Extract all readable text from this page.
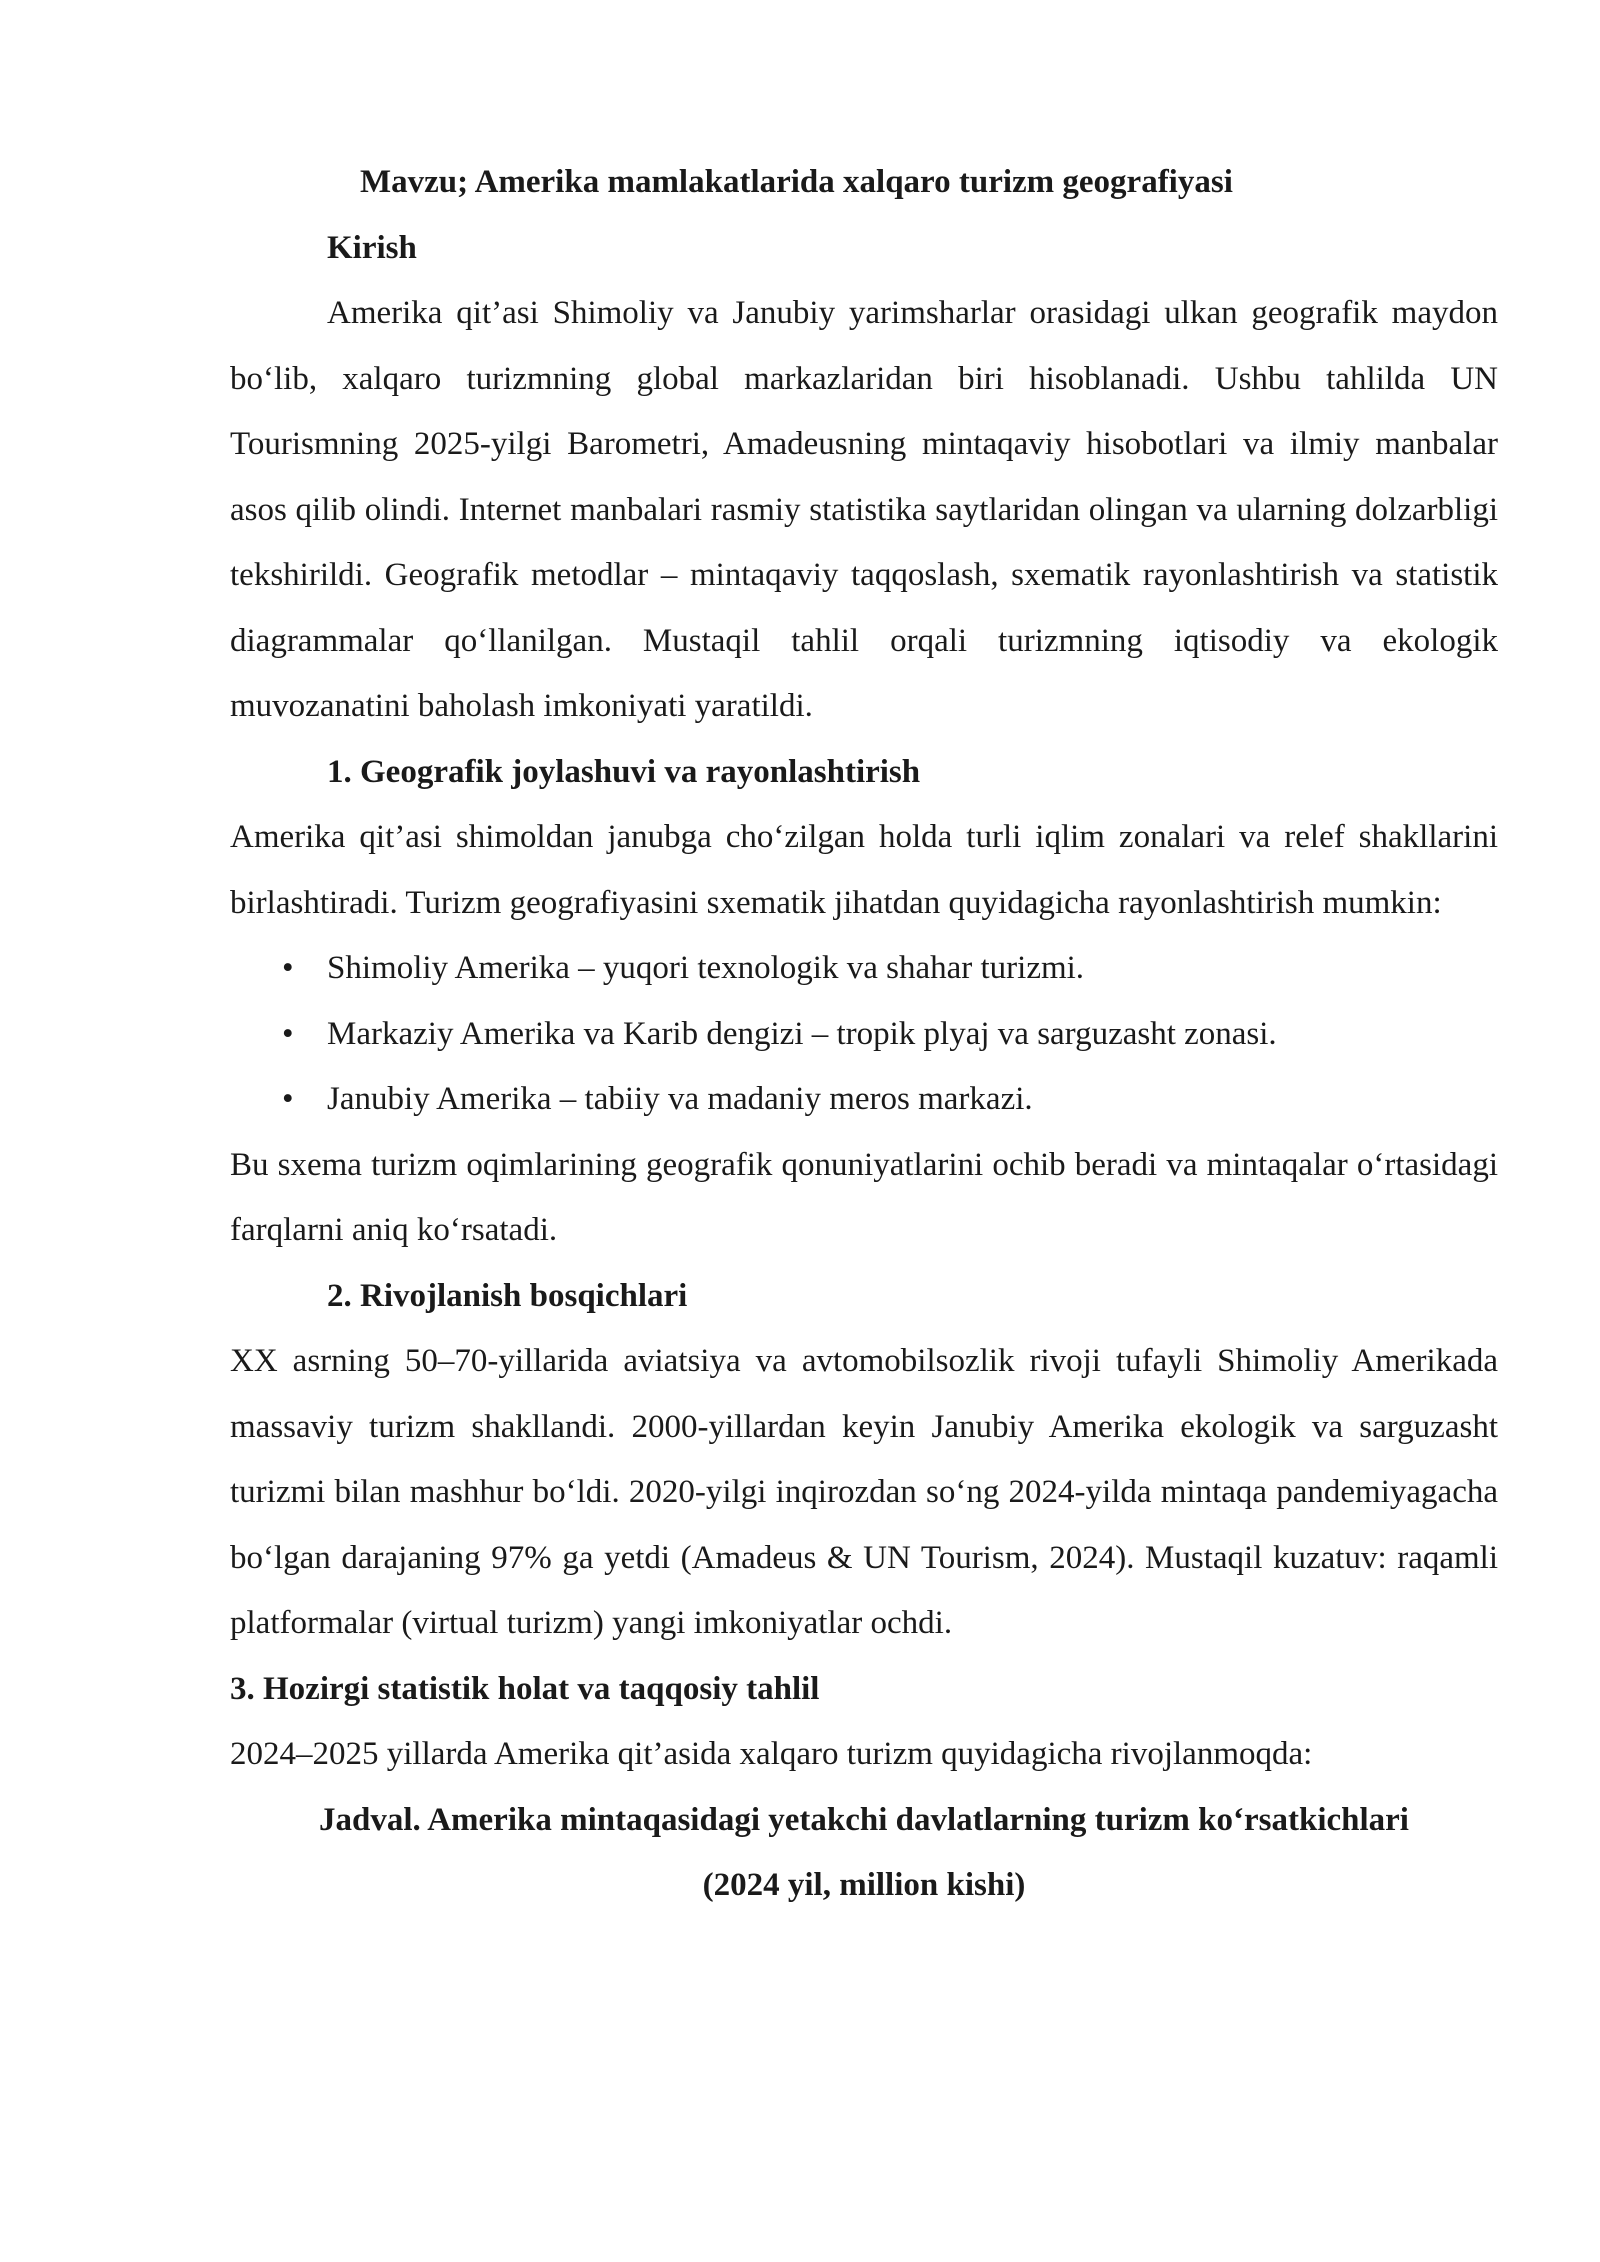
Mavzu; Amerika mamlakatlarida xalqaro turizm geografiyasi

Kirish

Amerika qit’asi Shimoliy va Janubiy yarimsharlar orasidagi ulkan geografik maydon bo‘lib, xalqaro turizmning global markazlaridan biri hisoblanadi. Ushbu tahlilda UN Tourismning 2025-yilgi Barometri, Amadeusning mintaqaviy hisobotlari va ilmiy manbalar asos qilib olindi. Internet manbalari rasmiy statistika saytlaridan olingan va ularning dolzarbligi tekshirildi. Geografik metodlar – mintaqaviy taqqoslash, sxematik rayonlashtirish va statistik diagrammalar qo‘llanilgan. Mustaqil tahlil orqali turizmning iqtisodiy va ekologik muvozanatini baholash imkoniyati yaratildi.

1. Geografik joylashuvi va rayonlashtirish

Amerika qit’asi shimoldan janubga cho‘zilgan holda turli iqlim zonalari va relef shakllarini birlashtiradi. Turizm geografiyasini sxematik jihatdan quyidagicha rayonlashtirish mumkin:

• Shimoliy Amerika – yuqori texnologik va shahar turizmi.
• Markaziy Amerika va Karib dengizi – tropik plyaj va sarguzasht zonasi.
• Janubiy Amerika – tabiiy va madaniy meros markazi.

Bu sxema turizm oqimlarining geografik qonuniyatlarini ochib beradi va mintaqalar o‘rtasidagi farqlarni aniq ko‘rsatadi.

2. Rivojlanish bosqichlari

XX asrning 50–70-yillarida aviatsiya va avtomobilsozlik rivoji tufayli Shimoliy Amerikada massaviy turizm shakllandi. 2000-yillardan keyin Janubiy Amerika ekologik va sarguzasht turizmi bilan mashhur bo‘ldi. 2020-yilgi inqirozdan so‘ng 2024-yilda mintaqa pandemiyagacha bo‘lgan darajaning 97% ga yetdi (Amadeus & UN Tourism, 2024). Mustaqil kuzatuv: raqamli platformalar (virtual turizm) yangi imkoniyatlar ochdi.

3. Hozirgi statistik holat va taqqosiy tahlil

2024–2025 yillarda Amerika qit’asida xalqaro turizm quyidagicha rivojlanmoqda:

Jadval. Amerika mintaqasidagi yetakchi davlatlarning turizm ko‘rsatkichlari

(2024 yil, million kishi)
